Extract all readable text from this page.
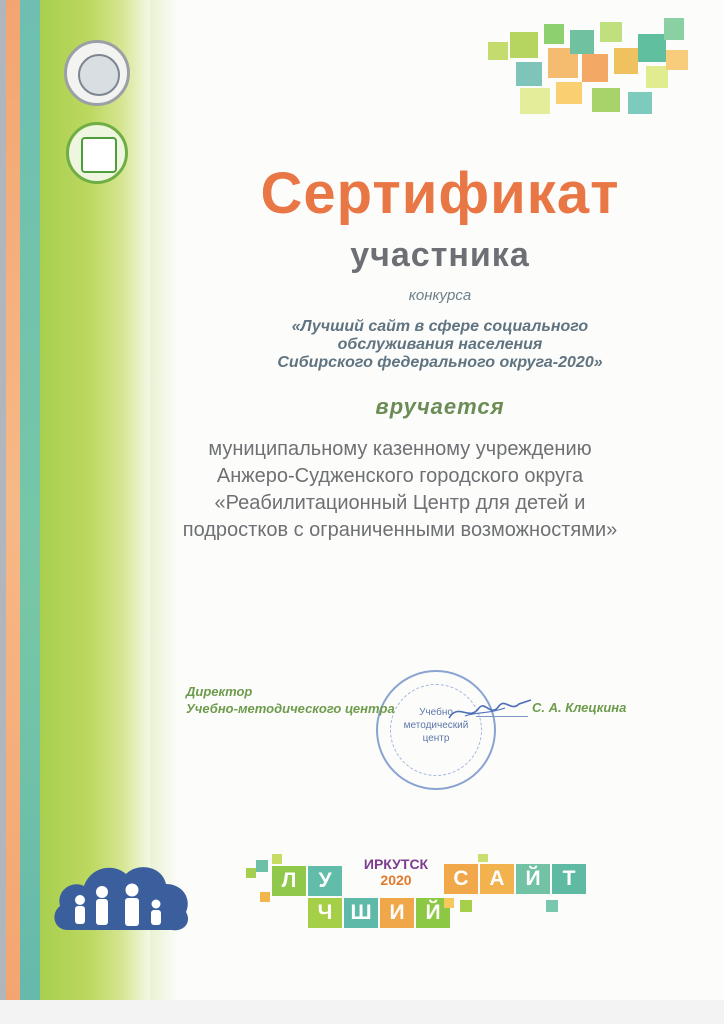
Сертификат
участника
конкурса
«Лучший сайт в сфере социального
обслуживания населения
Сибирского федерального округа-2020»
вручается
муниципальному казенному учреждению
Анжеро-Судженского городского округа
«Реабилитационный Центр для детей и
подростков с ограниченными возможностями»
Учебно
методический
центр
Директор
Учебно-методического центра	С. А. Клецкина
Л	У
ИРКУТСК
2020
Ч Ш И Й
С А Й	Т
